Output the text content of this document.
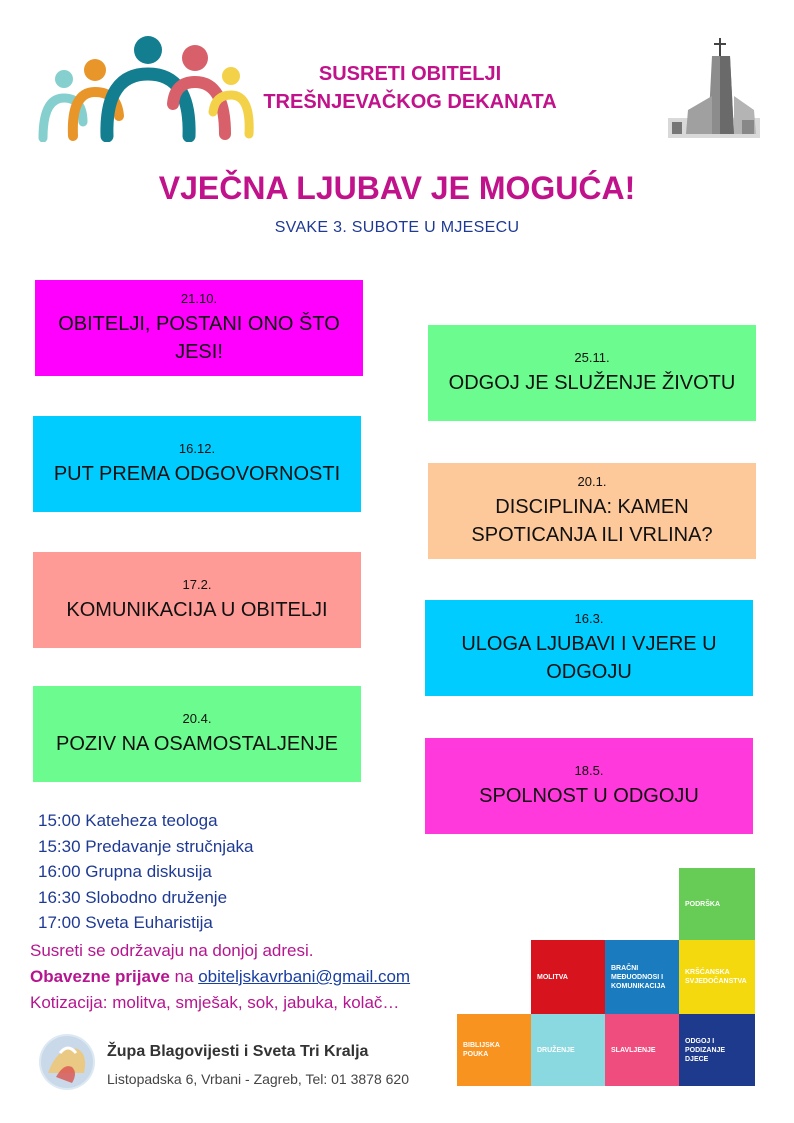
SUSRETI OBITELJI
TREŠNJEVAČKOG DEKANATA
VJEČNA LJUBAV JE MOGUĆA!
SVAKE 3. SUBOTE U MJESECU
21.10.
OBITELJI, POSTANI ONO ŠTO JESI!	25.11.
ODGOJ JE SLUŽENJE ŽIVOTU
16.12.
PUT PREMA ODGOVORNOSTI	20.1.
DISCIPLINA: KAMEN SPOTICANJA ILI VRLINA?
17.2.
KOMUNIKACIJA U OBITELJI	16.3.
ULOGA LJUBAVI I VJERE U ODGOJU
20.4.
POZIV NA OSAMOSTALJENJE
18.5.
SPOLNOST U ODGOJU
15:00 Kateheza teologa
15:30 Predavanje stručnjaka
16:00 Grupna diskusija
16:30 Slobodno druženje
17:00 Sveta Euharistija
Susreti se održavaju na donjoj adresi.
Obavezne prijave na obiteljskavrbani@gmail.com
Kotizacija: molitva, smješak, sok, jabuka, kolač…
Župa Blagovijesti i Sveta Tri Kralja
Listopadska 6, Vrbani - Zagreb, Tel: 01 3878 620
PODRŠKA
MOLITVA
BRAČNI MEĐUODNOSI I KOMUNIKACIJA
KRŠĆANSKA SVJEDOČANSTVA
BIBLIJSKA POUKA
DRUŽENJE	SLAVLJENJE
ODGOJ I PODIZANJE DJECE
